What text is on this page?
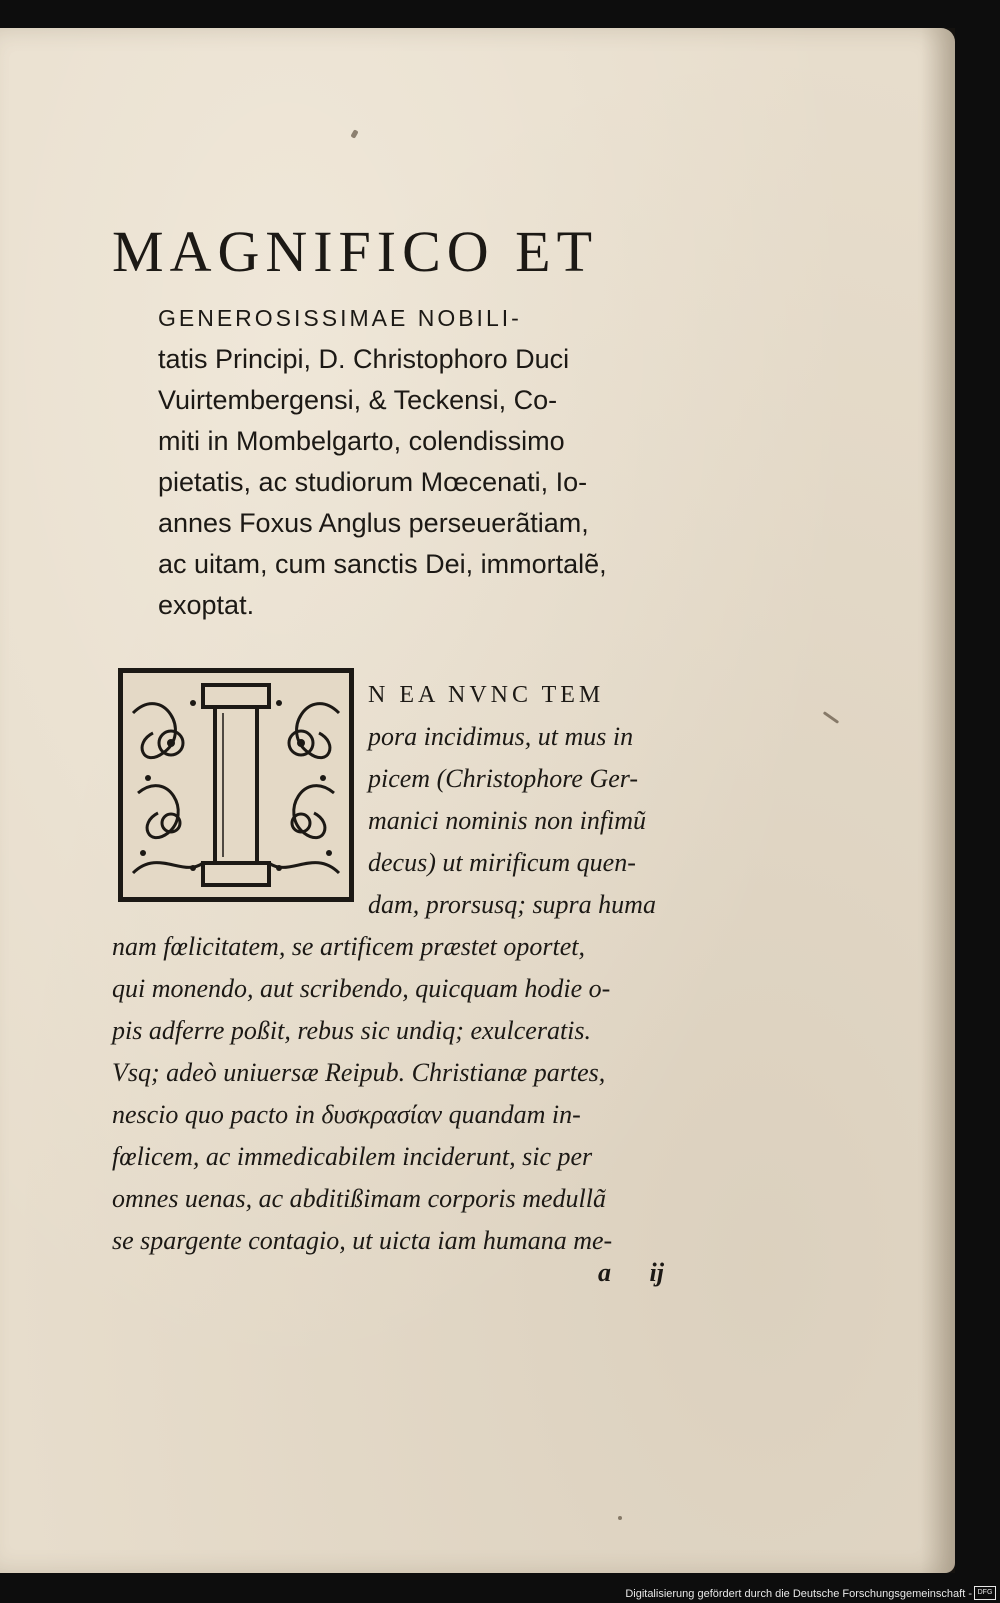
MAGNIFICO ET
GENEROSISSIMAE NOBILI-
tatis Principi, D. Christophoro Duci
Vuirtembergensi, & Teckensi, Co-
miti in Mombelgarto, colendissimo
pietatis, ac studiorum Mœcenati, Io-
annes Foxus Anglus perseuerãtiam,
ac uitam, cum sanctis Dei, immortalẽ,
exoptat.
N EA NVNC TEM
pora incidimus, ut mus in
picem (Christophore Ger-
manici nominis non infimũ
decus) ut mirificum quen-
dam, prorsusq; supra huma
nam fœlicitatem, se artificem præstet oportet,
qui monendo, aut scribendo, quicquam hodie o-
pis adferre poßit, rebus sic undiq; exulceratis.
Vsq; adeò uniuersæ Reipub. Christianæ partes,
nescio quo pacto in δυσκρασίαν quandam in-
fœlicem, ac immedicabilem inciderunt, sic per
omnes uenas, ac abditißimam corporis medullã
se spargente contagio, ut uicta iam humana me-
a ij
Digitalisierung gefördert durch die Deutsche Forschungsgemeinschaft - DFG
